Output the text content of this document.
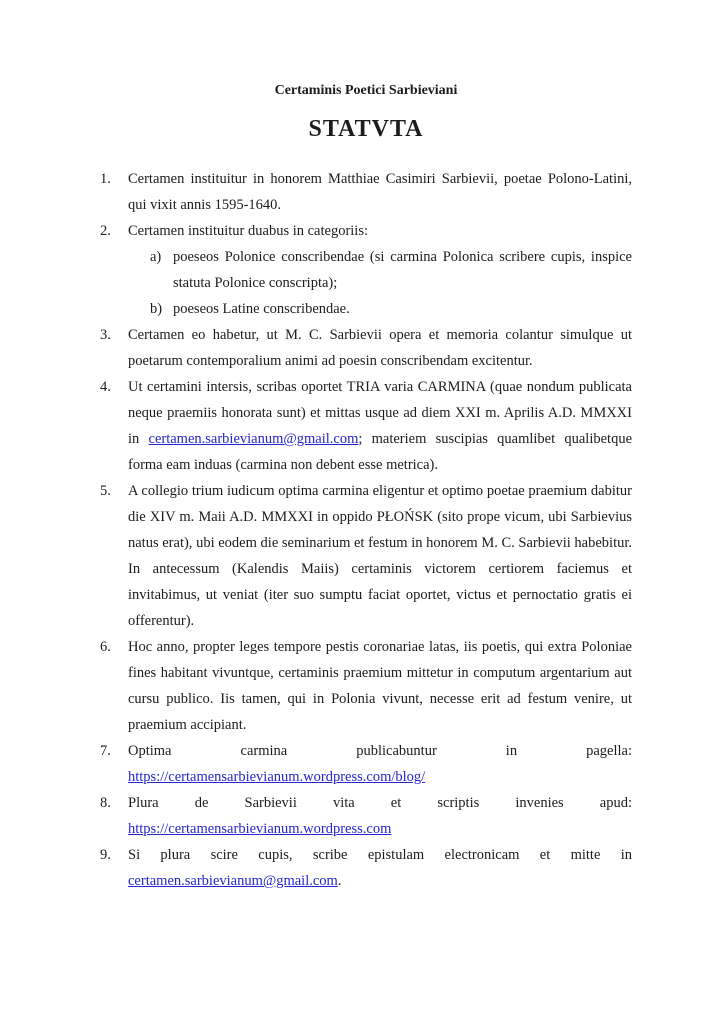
Certaminis Poetici Sarbieviani
STATVTA
1.	Certamen instituitur in honorem Matthiae Casimiri Sarbievii, poetae Polono-Latini, qui vixit annis 1595-1640.
2.	Certamen instituitur duabus in categoriis:
a) poeseos Polonice conscribendae (si carmina Polonica scribere cupis, inspice statuta Polonice conscripta);
b) poeseos Latine conscribendae.
3.	Certamen eo habetur, ut M. C. Sarbievii opera et memoria colantur simulque ut poetarum contemporalium animi ad poesin conscribendam excitentur.
4.	Ut certamini intersis, scribas oportet TRIA varia CARMINA (quae nondum publicata neque praemiis honorata sunt) et mittas usque ad diem XXI m. Aprilis A.D. MMXXI in certamen.sarbievianum@gmail.com; materiem suscipias quamlibet qualibetque forma eam induas (carmina non debent esse metrica).
5.	A collegio trium iudicum optima carmina eligentur et optimo poetae praemium dabitur die XIV m. Maii A.D. MMXXI in oppido PŁOŃSK (sito prope vicum, ubi Sarbievius natus erat), ubi eodem die seminarium et festum in honorem M. C. Sarbievii habebitur. In antecessum (Kalendis Maiis) certaminis victorem certiorem faciemus et invitabimus, ut veniat (iter suo sumptu faciat oportet, victus et pernoctatio gratis ei offerentur).
6.	Hoc anno, propter leges tempore pestis coronariae latas, iis poetis, qui extra Poloniae fines habitant vivuntque, certaminis praemium mittetur in computum argentarium aut cursu publico. Iis tamen, qui in Polonia vivunt, necesse erit ad festum venire, ut praemium accipiant.
7.	Optima carmina publicabuntur in pagella:
https://certamensarbievianum.wordpress.com/blog/
8.	Plura de Sarbievii vita et scriptis invenies apud:
https://certamensarbievianum.wordpress.com
9.	Si plura scire cupis, scribe epistulam electronicam et mitte in
certamen.sarbievianum@gmail.com.
